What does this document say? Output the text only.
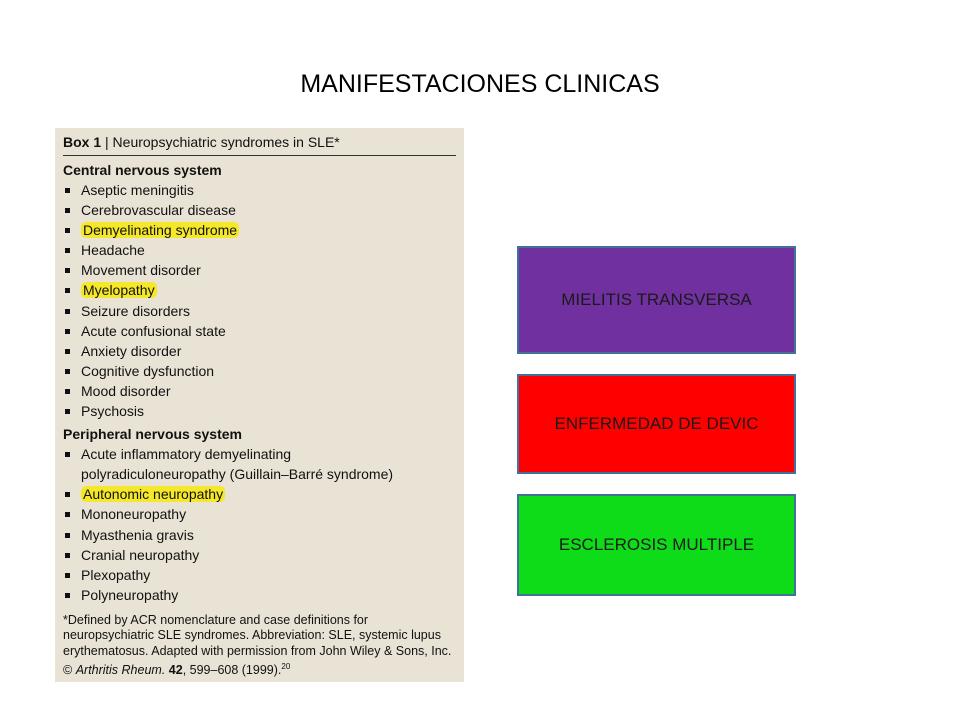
MANIFESTACIONES CLINICAS
Box 1 | Neuropsychiatric syndromes in SLE*
Central nervous system
Aseptic meningitis
Cerebrovascular disease
Demyelinating syndrome
Headache
Movement disorder
Myelopathy
Seizure disorders
Acute confusional state
Anxiety disorder
Cognitive dysfunction
Mood disorder
Psychosis
Peripheral nervous system
Acute inflammatory demyelinating
polyradiculoneuropathy (Guillain–Barré syndrome)
Autonomic neuropathy
Mononeuropathy
Myasthenia gravis
Cranial neuropathy
Plexopathy
Polyneuropathy
*Defined by ACR nomenclature and case definitions for neuropsychiatric SLE syndromes. Abbreviation: SLE, systemic lupus erythematosus. Adapted with permission from John Wiley & Sons, Inc. © Arthritis Rheum. 42, 599–608 (1999).$^{20}$
MIELITIS TRANSVERSA
ENFERMEDAD DE DEVIC
ESCLEROSIS MULTIPLE
